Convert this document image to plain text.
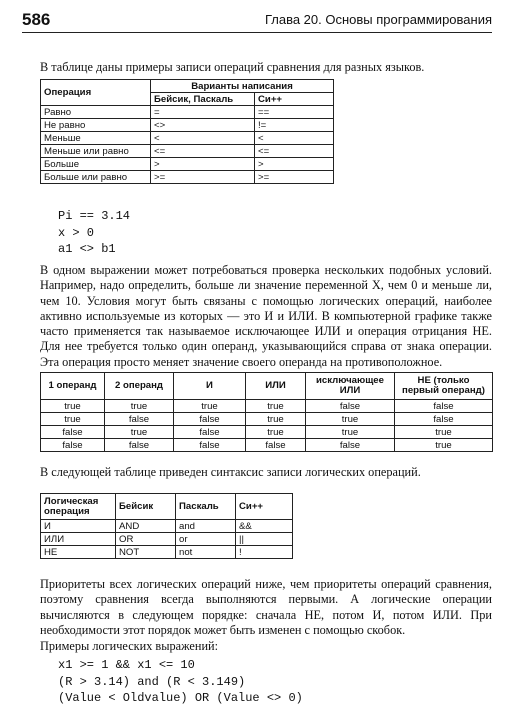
586	Глава 20. Основы программирования

В таблице даны примеры записи операций сравнения для разных языков.

Операция	Варианты написания	
	Бейсик, Паскаль	Си++
Равно	=	==
Не равно	<>	!=
Меньше	<	<
Меньше или равно	<=	<=
Больше	>	>
Больше или равно	>=	>=
Pi == 3.14
x > 0
a1 <> b1

В одном выражении может потребоваться проверка нескольких подобных условий. Например, надо определить, больше ли значение переменной X, чем 0 и меньше ли, чем 10. Условия могут быть связаны с помощью логических операций, наиболее активно используемые из которых — это И и ИЛИ. В компьютерной графике также часто применяется так называемое исключающее ИЛИ и операция отрицания НЕ. Для нее требуется только один операнд, указывающийся справа от знака операции. Эта операция просто меняет значение своего операнда на противоположное.

1 операнд	2 операнд	И	ИЛИ	исключающее ИЛИ	НЕ (только первый операнд)
true	true	true	true	false	false
true	false	false	true	true	false
false	true	false	true	true	true
false	false	false	false	false	true

В следующей таблице приведен синтаксис записи логических операций.

Логическая операция	Бейсик	Паскаль	Си++
И	AND	and	&&
ИЛИ	OR	or	||
НЕ	NOT	not	!

Приоритеты всех логических операций ниже, чем приоритеты операций сравнения, поэтому сравнения всегда выполняются первыми. А логические операции вычисляются в следующем порядке: сначала НЕ, потом И, потом ИЛИ. При необходимости этот порядок может быть изменен с помощью скобок.

Примеры логических выражений:

x1 >= 1 && x1 <= 10
(R > 3.14) and (R < 3.149)
(Value < Oldvalue) OR (Value <> 0)
